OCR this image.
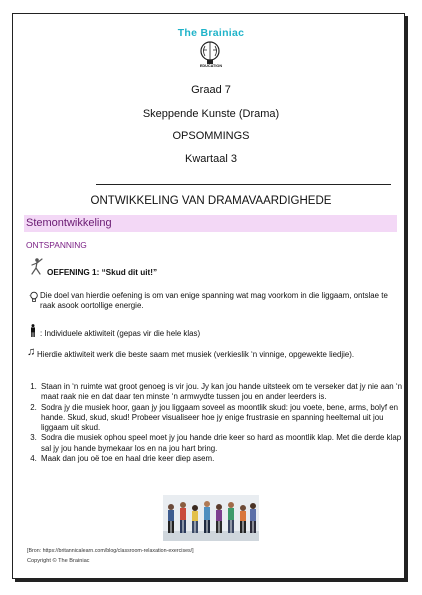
The Brainiac
EDUCATION
Graad 7
Skeppende Kunste (Drama)
OPSOMMINGS
Kwartaal 3
ONTWIKKELING VAN DRAMAVAARDIGHEDE
Stemontwikkeling
ONTSPANNING
OEFENING 1: “Skud dit uit!”
Die doel van hierdie oefening is om van enige spanning wat mag voorkom in die liggaam, ontslae te raak asook oortollige energie.
: Individuele aktiwiteit (gepas vir die hele klas)
♫ Hierdie aktiwiteit werk die beste saam met musiek (verkieslik ‘n vinnige, opgewekte liedjie).
1. Staan in ‘n ruimte wat groot genoeg is vir jou. Jy kan jou hande uitsteek om te verseker dat jy nie aan ‘n maat raak nie en dat daar ten minste ‘n armwydte tussen jou en ander leerders is.
2. Sodra jy die musiek hoor, gaan jy jou liggaam soveel as moontlik skud: jou voete, bene, arms, bolyf en hande. Skud, skud, skud! Probeer visualiseer hoe jy enige frustrasie en spanning heeltemal uit jou liggaam uit skud.
3. Sodra die musiek ophou speel moet jy jou hande drie keer so hard as moontlik klap. Met die derde klap sal jy jou hande bymekaar los en na jou hart bring.
4. Maak dan jou oë toe en haal drie keer diep asem.
[Bron: https://britannicalearn.com/blog/classroom-relaxation-exercises/]
Copyright © The Brainiac
